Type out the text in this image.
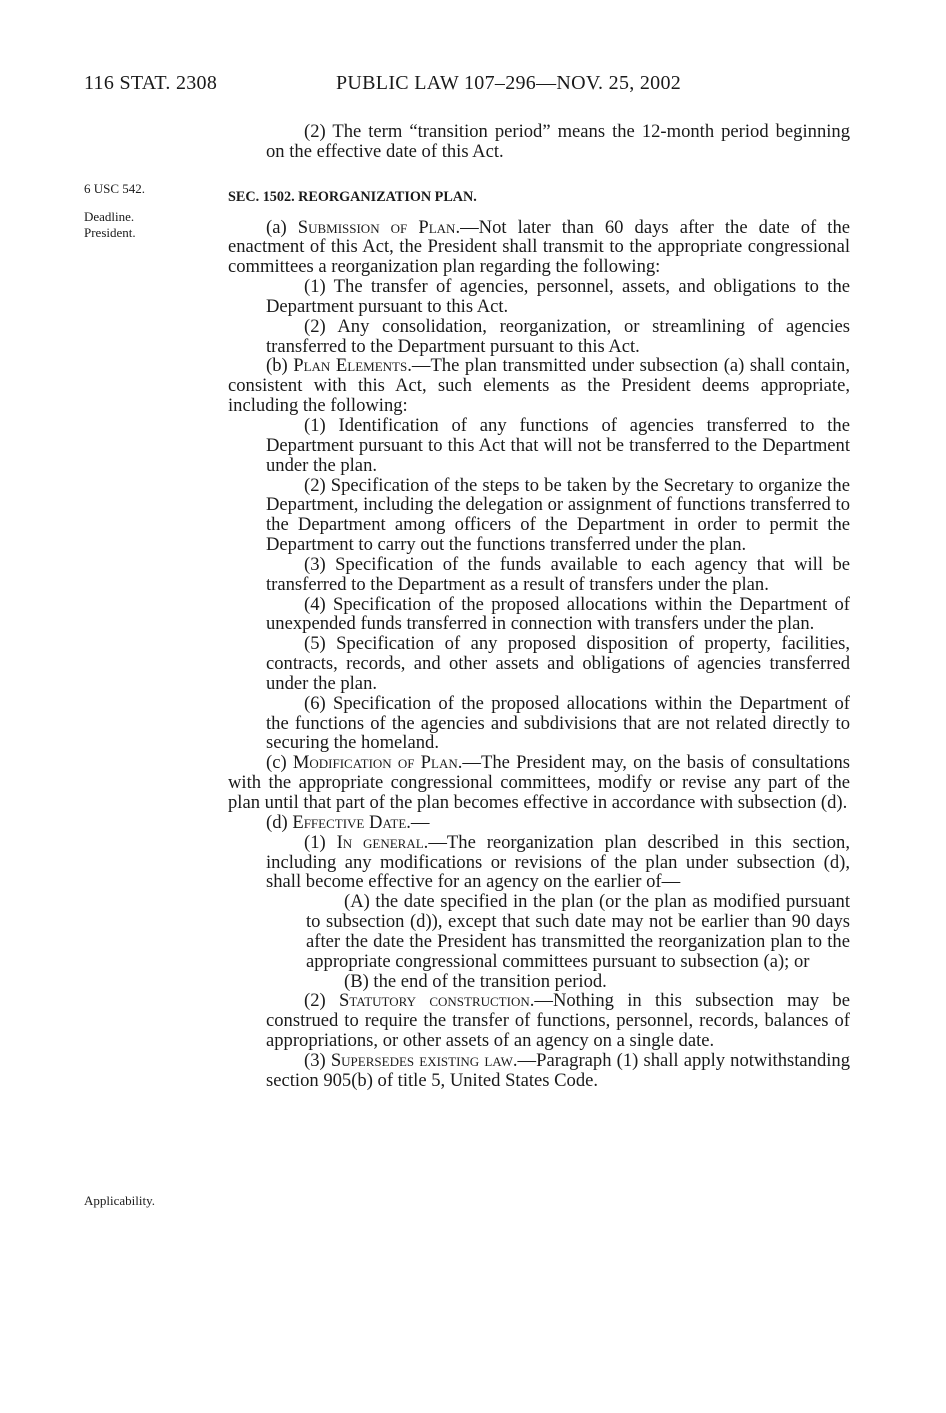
116 STAT. 2308	PUBLIC LAW 107–296—NOV. 25, 2002
6 USC 542.
Deadline.
President.
Applicability.

(2) The term “transition period” means the 12-month period beginning on the effective date of this Act.

SEC. 1502. REORGANIZATION PLAN.

(a) Submission of Plan.—Not later than 60 days after the date of the enactment of this Act, the President shall transmit to the appropriate congressional committees a reorganization plan regarding the following:

(1) The transfer of agencies, personnel, assets, and obligations to the Department pursuant to this Act.

(2) Any consolidation, reorganization, or streamlining of agencies transferred to the Department pursuant to this Act.

(b) Plan Elements.—The plan transmitted under subsection (a) shall contain, consistent with this Act, such elements as the President deems appropriate, including the following:

(1) Identification of any functions of agencies transferred to the Department pursuant to this Act that will not be transferred to the Department under the plan.

(2) Specification of the steps to be taken by the Secretary to organize the Department, including the delegation or assignment of functions transferred to the Department among officers of the Department in order to permit the Department to carry out the functions transferred under the plan.

(3) Specification of the funds available to each agency that will be transferred to the Department as a result of transfers under the plan.

(4) Specification of the proposed allocations within the Department of unexpended funds transferred in connection with transfers under the plan.

(5) Specification of any proposed disposition of property, facilities, contracts, records, and other assets and obligations of agencies transferred under the plan.

(6) Specification of the proposed allocations within the Department of the functions of the agencies and subdivisions that are not related directly to securing the homeland.

(c) Modification of Plan.—The President may, on the basis of consultations with the appropriate congressional committees, modify or revise any part of the plan until that part of the plan becomes effective in accordance with subsection (d).

(d) Effective Date.—

(1) In general.—The reorganization plan described in this section, including any modifications or revisions of the plan under subsection (d), shall become effective for an agency on the earlier of—

(A) the date specified in the plan (or the plan as modified pursuant to subsection (d)), except that such date may not be earlier than 90 days after the date the President has transmitted the reorganization plan to the appropriate congressional committees pursuant to subsection (a); or

(B) the end of the transition period.

(2) Statutory construction.—Nothing in this subsection may be construed to require the transfer of functions, personnel, records, balances of appropriations, or other assets of an agency on a single date.

(3) Supersedes existing law.—Paragraph (1) shall apply notwithstanding section 905(b) of title 5, United States Code.
